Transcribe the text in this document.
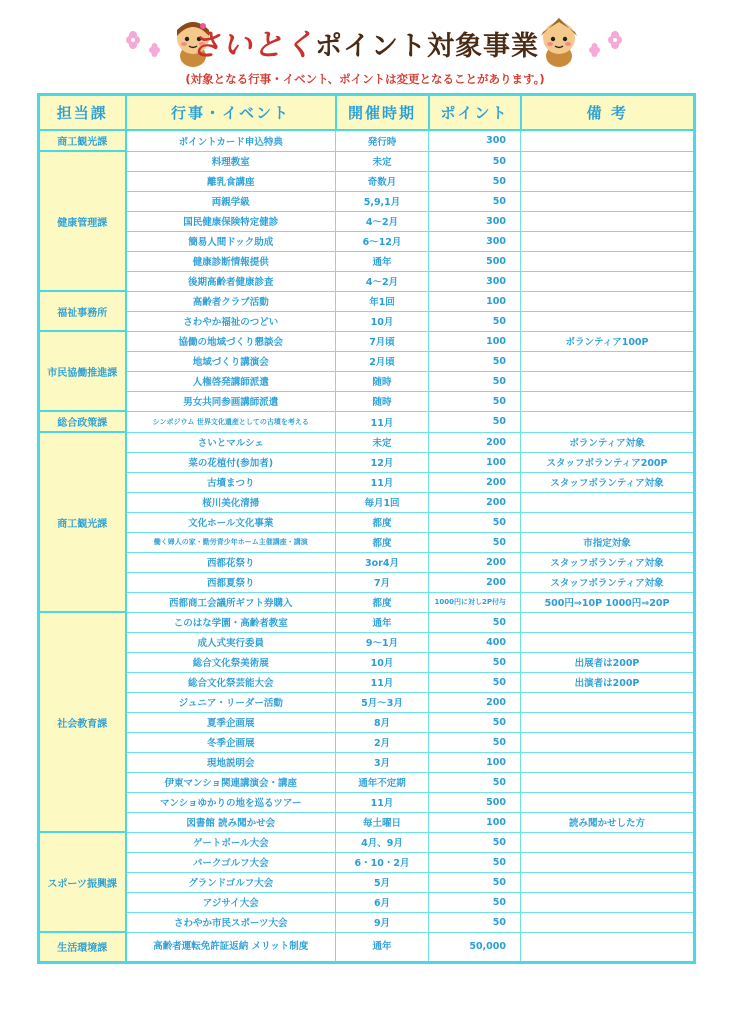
さいとくポイント対象事業
(対象となる行事・イベント、ポイントは変更となることがあります。)
担当課	行事・イベント	開催時期	ポイント	備 考
商工観光課	ポイントカード申込特典	発行時	300	
健康管理課	料理教室	未定	50	
	離乳食講座	奇数月	50	
	両親学級	5,9,1月	50	
	国民健康保険特定健診	4～2月	300	
	簡易人間ドック助成	6～12月	300	
	健康診断情報提供	通年	500	
	後期高齢者健康診査	4～2月	300	
福祉事務所	高齢者クラブ活動	年1回	100	
	さわやか福祉のつどい	10月	50	
市民協働推進課	協働の地域づくり懇談会	7月頃	100	ボランティア100P
	地域づくり講演会	2月頃	50	
	人権啓発講師派遣	随時	50	
	男女共同参画講師派遣	随時	50	
総合政策課	シンポジウム 世界文化遺産としての古墳を考える	11月	50	
商工観光課	さいとマルシェ	未定	200	ボランティア対象
	菜の花植付(参加者)	12月	100	スタッフボランティア200P
	古墳まつり	11月	200	スタッフボランティア対象
	桜川美化清掃	毎月1回	200	
	文化ホール文化事業	都度	50	
	働く婦人の家・勤労青少年ホーム主催講座・講演	都度	50	市指定対象
	西都花祭り	3or4月	200	スタッフボランティア対象
	西都夏祭り	7月	200	スタッフボランティア対象
	西都商工会議所ギフト券購入	都度	1000円に対し2P付与	500円⇒10P 1000円⇒20P
社会教育課	このはな学園・高齢者教室	通年	50	
	成人式実行委員	9～1月	400	
	総合文化祭美術展	10月	50	出展者は200P
	総合文化祭芸能大会	11月	50	出演者は200P
	ジュニア・リーダー活動	5月～3月	200	
	夏季企画展	8月	50	
	冬季企画展	2月	50	
	現地説明会	3月	100	
	伊東マンショ関連講演会・講座	通年不定期	50	
	マンショゆかりの地を巡るツアー	11月	500	
	図書館 読み聞かせ会	毎土曜日	100	読み聞かせした方
スポーツ振興課	ゲートボール大会	4月、9月	50	
	パークゴルフ大会	6・10・2月	50	
	グランドゴルフ大会	5月	50	
	アジサイ大会	6月	50	
	さわやか市民スポーツ大会	9月	50	
生活環境課	高齢者運転免許証返納 メリット制度	通年	50,000	
